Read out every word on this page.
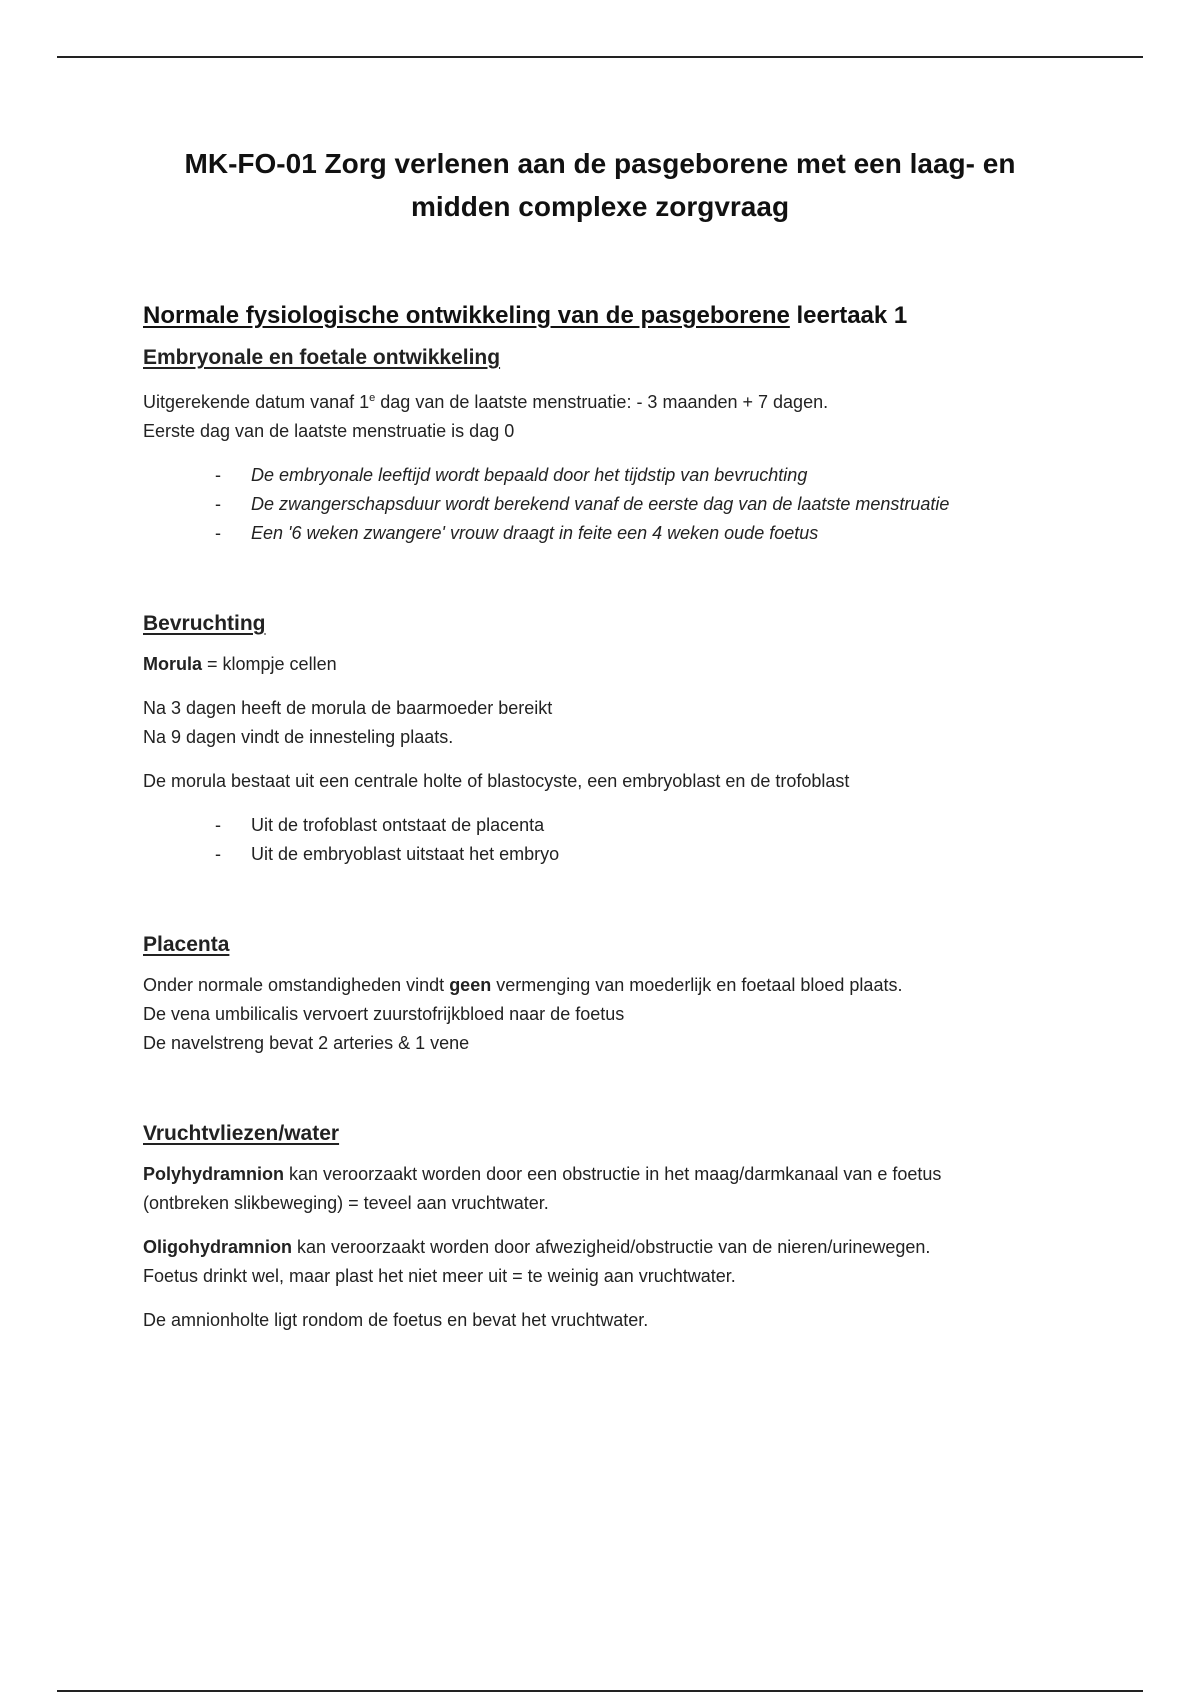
MK-FO-01 Zorg verlenen aan de pasgeborene met een laag- en
midden complexe zorgvraag
Normale fysiologische ontwikkeling van de pasgeborene leertaak 1
Embryonale en foetale ontwikkeling

Uitgerekende datum vanaf 1e dag van de laatste menstruatie: - 3 maanden + 7 dagen.
Eerste dag van de laatste menstruatie is dag 0

- De embryonale leeftijd wordt bepaald door het tijdstip van bevruchting
- De zwangerschapsduur wordt berekend vanaf de eerste dag van de laatste menstruatie
- Een '6 weken zwangere' vrouw draagt in feite een 4 weken oude foetus
Bevruchting

Morula = klompje cellen

Na 3 dagen heeft de morula de baarmoeder bereikt
Na 9 dagen vindt de innesteling plaats.

De morula bestaat uit een centrale holte of blastocyste, een embryoblast en de trofoblast

- Uit de trofoblast ontstaat de placenta
- Uit de embryoblast uitstaat het embryo
Placenta

Onder normale omstandigheden vindt geen vermenging van moederlijk en foetaal bloed plaats.
De vena umbilicalis vervoert zuurstofrijkbloed naar de foetus
De navelstreng bevat 2 arteries & 1 vene

Vruchtvliezen/water

Polyhydramnion kan veroorzaakt worden door een obstructie in het maag/darmkanaal van e foetus
(ontbreken slikbeweging) = teveel aan vruchtwater.

Oligohydramnion kan veroorzaakt worden door afwezigheid/obstructie van de nieren/urinewegen.
Foetus drinkt wel, maar plast het niet meer uit = te weinig aan vruchtwater.

De amnionholte ligt rondom de foetus en bevat het vruchtwater.
